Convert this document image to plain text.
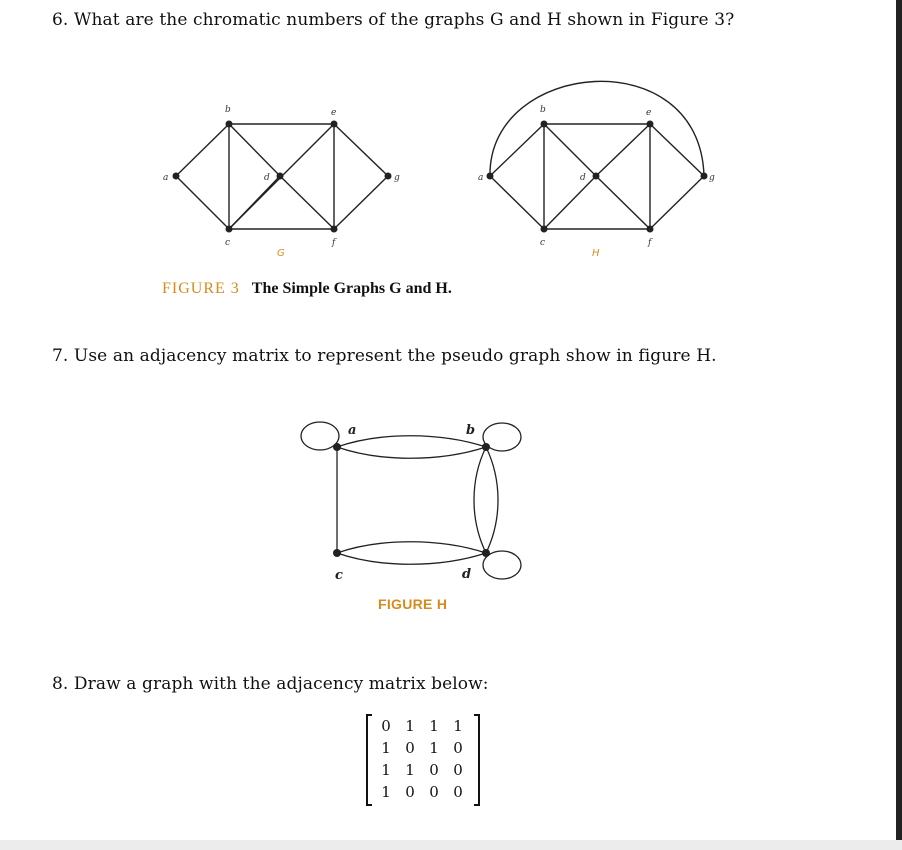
6. What are the chromatic numbers of the graphs G and H shown in Figure 3?
a
b
c
d
e
f
g
G
a
b
c
d
e
f
g
H
a	b
c	d
FIGURE 3 The Simple Graphs G and H.
7. Use an adjacency matrix to represent the pseudo graph show in figure H.
FIGURE H
8. Draw a graph with the adjacency matrix below:
0	1	1	1
1	0	1	0
1	1	0	0
1	0	0	0
